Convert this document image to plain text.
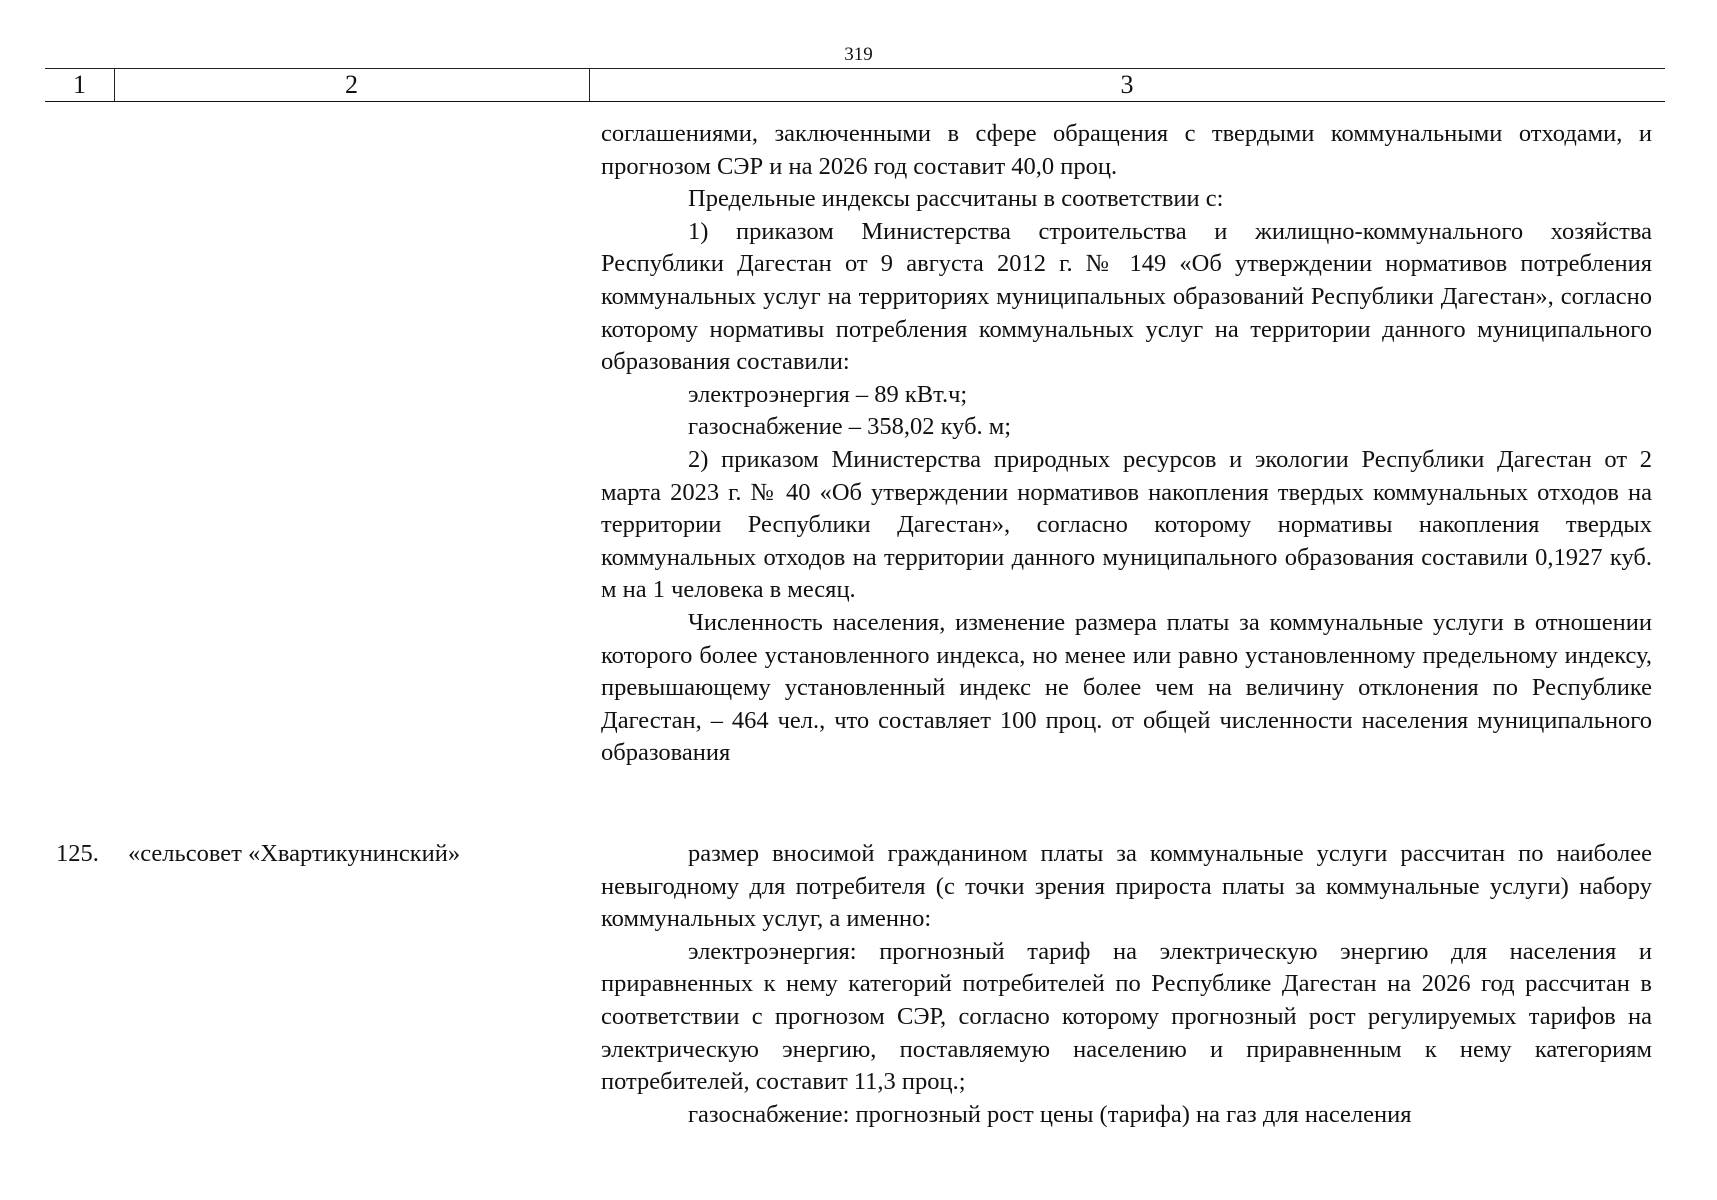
319
1	2	3

соглашениями, заключенными в сфере обращения с твердыми коммунальными отходами, и прогнозом СЭР и на 2026 год составит 40,0 проц.

Предельные индексы рассчитаны в соответствии с:

1) приказом Министерства строительства и жилищно-коммунального хозяйства Республики Дагестан от 9 августа 2012 г. № 149 «Об утверждении нормативов потребления коммунальных услуг на территориях муниципальных образований Республики Дагестан», согласно которому нормативы потребления коммунальных услуг на территории данного муниципального образования составили:

электроэнергия – 89 кВт.ч;

газоснабжение – 358,02 куб. м;

2) приказом Министерства природных ресурсов и экологии Республики Дагестан от 2 марта 2023 г. № 40 «Об утверждении нормативов накопления твердых коммунальных отходов на территории Республики Дагестан», согласно которому нормативы накопления твердых коммунальных отходов на территории данного муниципального образования составили 0,1927 куб. м на 1 человека в месяц.

Численность населения, изменение размера платы за коммунальные услуги в отношении которого более установленного индекса, но менее или равно установленному предельному индексу, превышающему установленный индекс не более чем на величину отклонения по Республике Дагестан, – 464 чел., что составляет 100 проц. от общей численности населения муниципального образования

125. «сельсовет «Хвартикунинский»	размер вносимой гражданином платы за коммунальные услуги рассчитан по наиболее невыгодному для потребителя (с точки зрения прироста платы за коммунальные услуги) набору коммунальных услуг, а именно:

электроэнергия: прогнозный тариф на электрическую энергию для населения и приравненных к нему категорий потребителей по Республике Дагестан на 2026 год рассчитан в соответствии с прогнозом СЭР, согласно которому прогнозный рост регулируемых тарифов на электрическую энергию, поставляемую населению и приравненным к нему категориям потребителей, составит 11,3 проц.;

газоснабжение: прогнозный рост цены (тарифа) на газ для населения
